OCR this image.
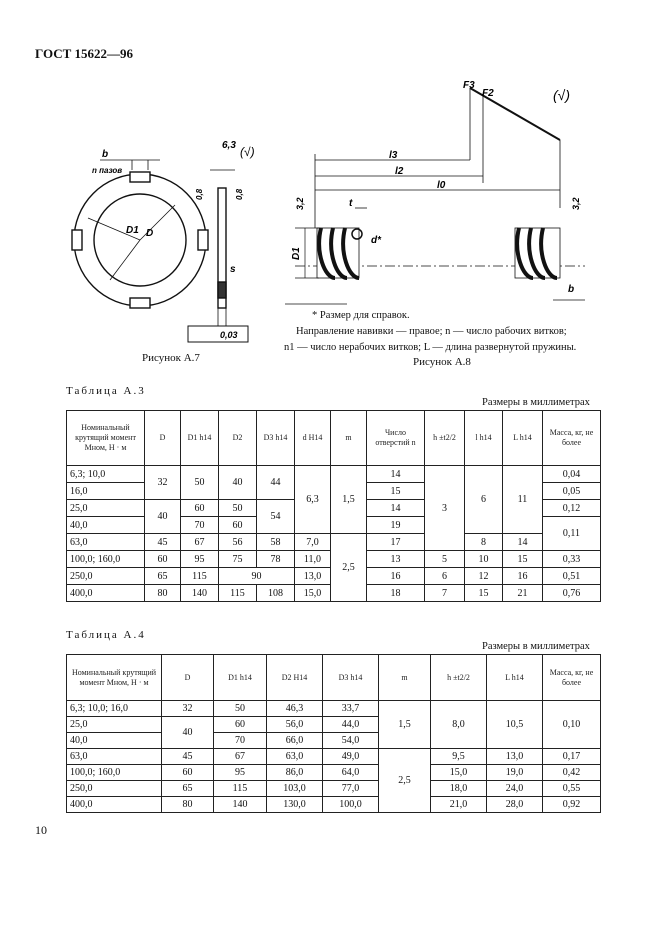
ГОСТ 15622—96
b
n пазов
D1 D
s
6,3 (√)
0,8	0,8
0,03
Рисунок А.7
F3
F2
l3
l2
l0
t
d*
D1
b
3,2	3,2
(√)
* Размер для справок.
Направление навивки — правое; n — число рабочих витков;
n1 — число нерабочих витков; L — длина развернутой пружины.
Рисунок А.8
Таблица А.3
Размеры в миллиметрах
Номинальный крутящий момент Мном, Н · м	D	D1 h14	D2	D3 h14	d H14	m	Число отверстий n	h ±t2/2	l h14	L h14	Масса, кг, не более
6,3; 10,0	32	50	40	44	6,3	1,5	14	3	6	11	0,04
16,0							15				0,05
25,0	40	60	50	54			14				0,12
40,0		70	60				19				0,11
63,0	45	67	56	58	7,0	2,5	17		8	14	
100,0; 160,0	60	95	75	78	11,0		13	5	10	15	0,33
250,0	65	115	90		13,0		16	6	12	16	0,51
400,0	80	140	115	108	15,0		18	7	15	21	0,76
Таблица А.4
Размеры в миллиметрах
Номинальный крутящий момент Мном, Н · м	D	D1 h14	D2 H14	D3 h14	m	h ±t2/2	L h14	Масса, кг, не более
6,3; 10,0; 16,0	32	50	46,3	33,7	1,5	8,0	10,5	0,10
25,0	40	60	56,0	44,0				
40,0		70	66,0	54,0				
63,0	45	67	63,0	49,0	2,5	9,5	13,0	0,17
100,0; 160,0	60	95	86,0	64,0		15,0	19,0	0,42
250,0	65	115	103,0	77,0		18,0	24,0	0,55
400,0	80	140	130,0	100,0		21,0	28,0	0,92
10
